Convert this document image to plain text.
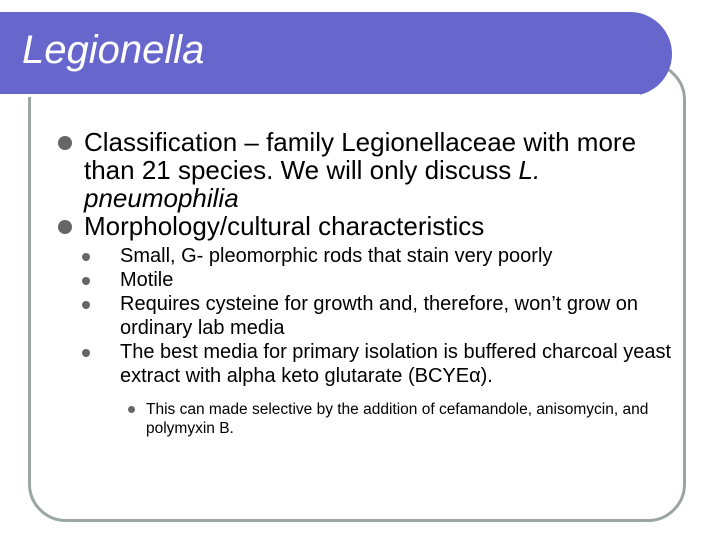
Legionella
Classification – family Legionellaceae with more than 21 species. We will only discuss L. pneumophilia
Morphology/cultural characteristics
Small, G- pleomorphic rods that stain very poorly
Motile
Requires cysteine for growth and, therefore, won’t grow on ordinary lab media
The best media for primary isolation is buffered charcoal yeast extract with alpha keto glutarate (BCYEα).
This can made selective by the addition of cefamandole, anisomycin, and polymyxin B.
